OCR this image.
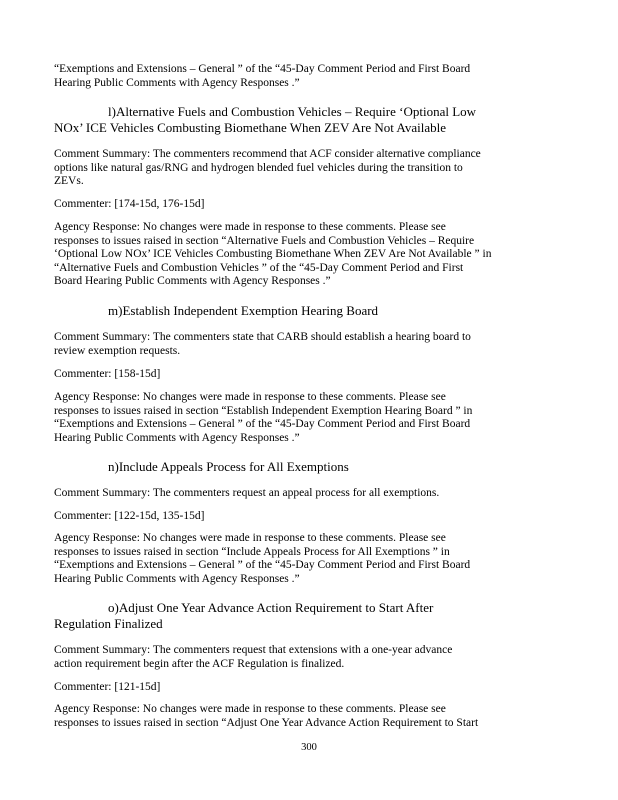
“Exemptions and Extensions – General ” of the “45-Day Comment Period and First Board
Hearing Public Comments with Agency Responses .”
l)Alternative Fuels and Combustion Vehicles – Require ‘Optional Low
NOx’ ICE Vehicles Combusting Biomethane When ZEV Are Not Available
Comment Summary: The commenters recommend that ACF consider alternative compliance
options like natural gas/RNG and hydrogen blended fuel vehicles during the transition to
ZEVs.
Commenter: [174-15d, 176-15d]
Agency Response: No changes were made in response to these comments. Please see
responses to issues raised in section “Alternative Fuels and Combustion Vehicles – Require
‘Optional Low NOx’ ICE Vehicles Combusting Biomethane When ZEV Are Not Available ” in
“Alternative Fuels and Combustion Vehicles ” of the “45-Day Comment Period and First
Board Hearing Public Comments with Agency Responses .”
m)Establish Independent Exemption Hearing Board
Comment Summary: The commenters state that CARB should establish a hearing board to
review exemption requests.
Commenter: [158-15d]
Agency Response: No changes were made in response to these comments. Please see
responses to issues raised in section “Establish Independent Exemption Hearing Board ” in
“Exemptions and Extensions – General ” of the “45-Day Comment Period and First Board
Hearing Public Comments with Agency Responses .”
n)Include Appeals Process for All Exemptions
Comment Summary: The commenters request an appeal process for all exemptions.
Commenter: [122-15d, 135-15d]
Agency Response: No changes were made in response to these comments. Please see
responses to issues raised in section “Include Appeals Process for All Exemptions ” in
“Exemptions and Extensions – General ” of the “45-Day Comment Period and First Board
Hearing Public Comments with Agency Responses .”
o)Adjust One Year Advance Action Requirement to Start After
Regulation Finalized
Comment Summary: The commenters request that extensions with a one-year advance
action requirement begin after the ACF Regulation is finalized.
Commenter: [121-15d]
Agency Response: No changes were made in response to these comments. Please see
responses to issues raised in section “Adjust One Year Advance Action Requirement to Start
300
